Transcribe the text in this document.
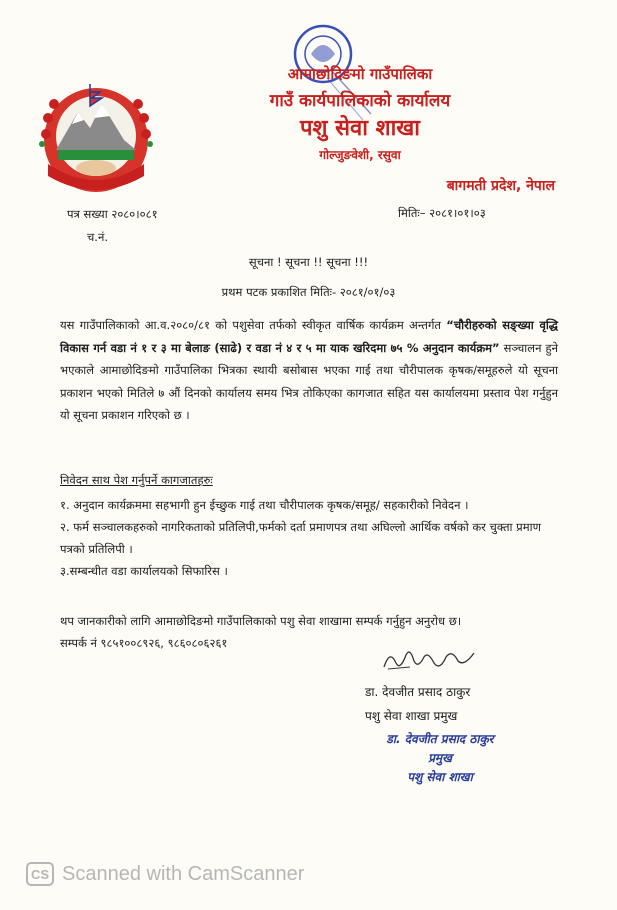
आमाछोदिङमो गाउँपालिका
गाउँ कार्यपालिकाको कार्यालय
पशु सेवा शाखा
गोल्जुङवेशी, रसुवा
बागमती प्रदेश, नेपाल
पत्र सख्या २०८०।०८१
च.नं.
मितिः– २०८१।०१।०३
सूचना ! सूचना !! सूचना !!!
प्रथम पटक प्रकाशित मितिः- २०८१/०१/०३
यस गाउँपालिकाको आ.व.२०८०/८१ को पशुसेवा तर्फको स्वीकृत वार्षिक कार्यक्रम अन्तर्गत “चौरीहरुको सङ्ख्या वृद्धि विकास गर्न वडा नं १ र ३ मा बेलाङ (साढे) र वडा नं ४ र ५ मा याक खरिदमा ७५ % अनुदान कार्यक्रम” सञ्चालन हुने भएकाले आमाछोदिङमो गाउँपालिका भित्रका स्थायी बसोबास भएका गाई तथा चौरीपालक कृषक/समूहरुले यो सूचना प्रकाशन भएको मितिले ७ औं दिनको कार्यालय समय भित्र तोकिएका कागजात सहित यस कार्यालयमा प्रस्ताव पेश गर्नुहुन यो सूचना प्रकाशन गरिएको छ ।
निवेदन साथ पेश गर्नुपर्ने कागजातहरुः
१. अनुदान कार्यक्रममा सहभागी हुन ईच्छुक गाई तथा चौरीपालक कृषक/समूह/ सहकारीको निवेदन ।
२. फर्म सञ्चालकहरुको नागरिकताको प्रतिलिपी,फर्मको दर्ता प्रमाणपत्र तथा अघिल्लो आर्थिक वर्षको कर चुक्ता प्रमाण पत्रको प्रतिलिपी ।
३.सम्बन्धीत वडा कार्यालयको सिफारिस ।
थप जानकारीको लागि आमाछोदिङमो गाउँपालिकाको पशु सेवा शाखामा सम्पर्क गर्नुहुन अनुरोध छ।
सम्पर्क नं ९८५१००८९२६, ९८६०८०६२६१
डा. देवजीत प्रसाद ठाकुर
पशु सेवा शाखा प्रमुख
डा. देवजीत प्रसाद ठाकुर
प्रमुख
पशु सेवा शाखा
CS Scanned with CamScanner
